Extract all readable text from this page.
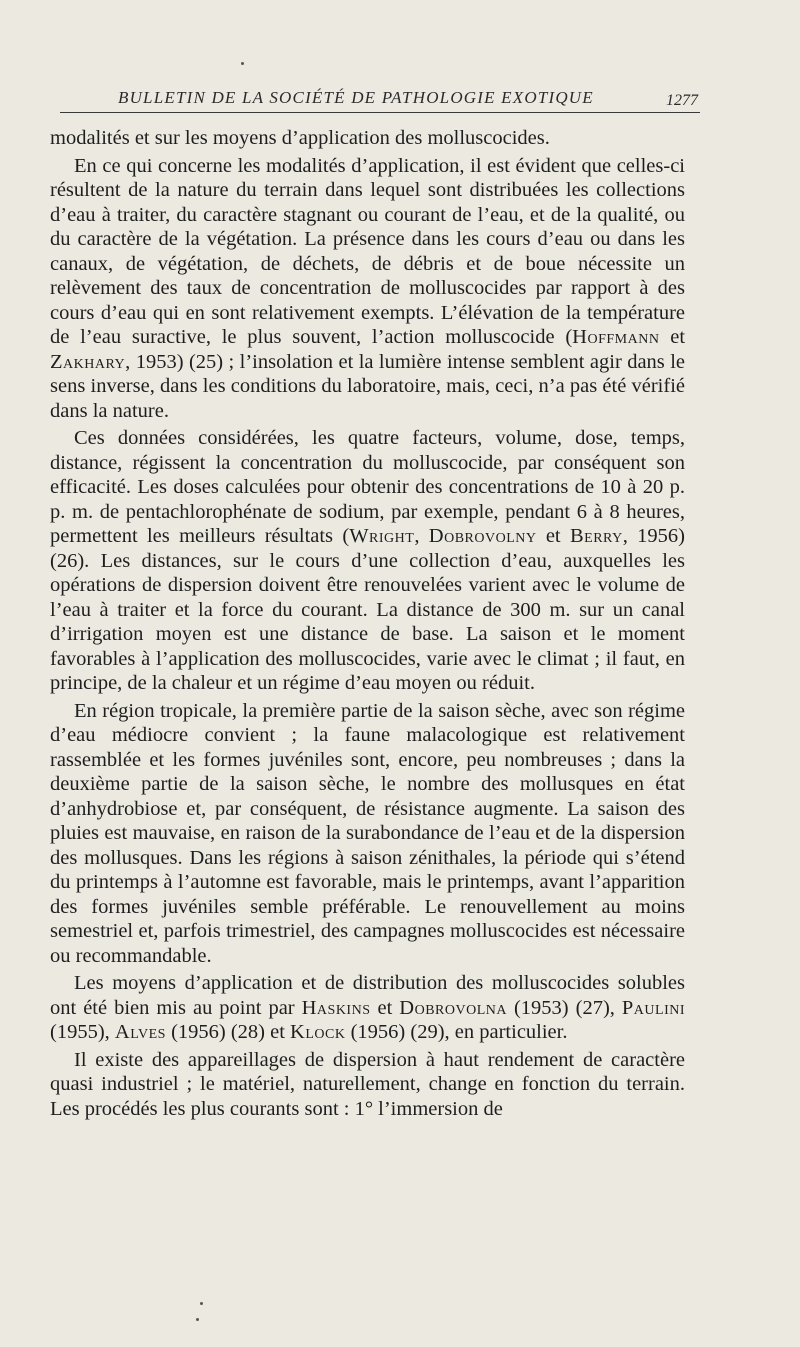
BULLETIN DE LA SOCIÉTÉ DE PATHOLOGIE EXOTIQUE	1277

modalités et sur les moyens d’application des molluscocides.

En ce qui concerne les modalités d’application, il est évident que celles-ci résultent de la nature du terrain dans lequel sont distribuées les collections d’eau à traiter, du caractère stagnant ou courant de l’eau, et de la qualité, ou du caractère de la végétation. La présence dans les cours d’eau ou dans les canaux, de végétation, de déchets, de débris et de boue nécessite un relèvement des taux de concentration de molluscocides par rapport à des cours d’eau qui en sont relativement exempts. L’élévation de la température de l’eau suractive, le plus souvent, l’action molluscocide (Hoffmann et Zakhary, 1953) (25) ; l’insolation et la lumière intense semblent agir dans le sens inverse, dans les conditions du laboratoire, mais, ceci, n’a pas été vérifié dans la nature.

Ces données considérées, les quatre facteurs, volume, dose, temps, distance, régissent la concentration du molluscocide, par conséquent son efficacité. Les doses calculées pour obtenir des concentrations de 10 à 20 p. p. m. de pentachlorophénate de sodium, par exemple, pendant 6 à 8 heures, permettent les meilleurs résultats (Wright, Dobrovolny et Berry, 1956) (26). Les distances, sur le cours d’une collection d’eau, auxquelles les opérations de dispersion doivent être renouvelées varient avec le volume de l’eau à traiter et la force du courant. La distance de 300 m. sur un canal d’irrigation moyen est une distance de base. La saison et le moment favorables à l’application des molluscocides, varie avec le climat ; il faut, en principe, de la chaleur et un régime d’eau moyen ou réduit.

En région tropicale, la première partie de la saison sèche, avec son régime d’eau médiocre convient ; la faune malacologique est relativement rassemblée et les formes juvéniles sont, encore, peu nombreuses ; dans la deuxième partie de la saison sèche, le nombre des mollusques en état d’anhydrobiose et, par conséquent, de résistance augmente. La saison des pluies est mauvaise, en raison de la surabondance de l’eau et de la dispersion des mollusques. Dans les régions à saison zénithales, la période qui s’étend du printemps à l’automne est favorable, mais le printemps, avant l’apparition des formes juvéniles semble préférable. Le renouvellement au moins semestriel et, parfois trimestriel, des campagnes molluscocides est nécessaire ou recommandable.

Les moyens d’application et de distribution des molluscocides solubles ont été bien mis au point par Haskins et Dobrovolna (1953) (27), Paulini (1955), Alves (1956) (28) et Klock (1956) (29), en particulier.

Il existe des appareillages de dispersion à haut rendement de caractère quasi industriel ; le matériel, naturellement, change en fonction du terrain. Les procédés les plus courants sont : 1° l’immersion de
